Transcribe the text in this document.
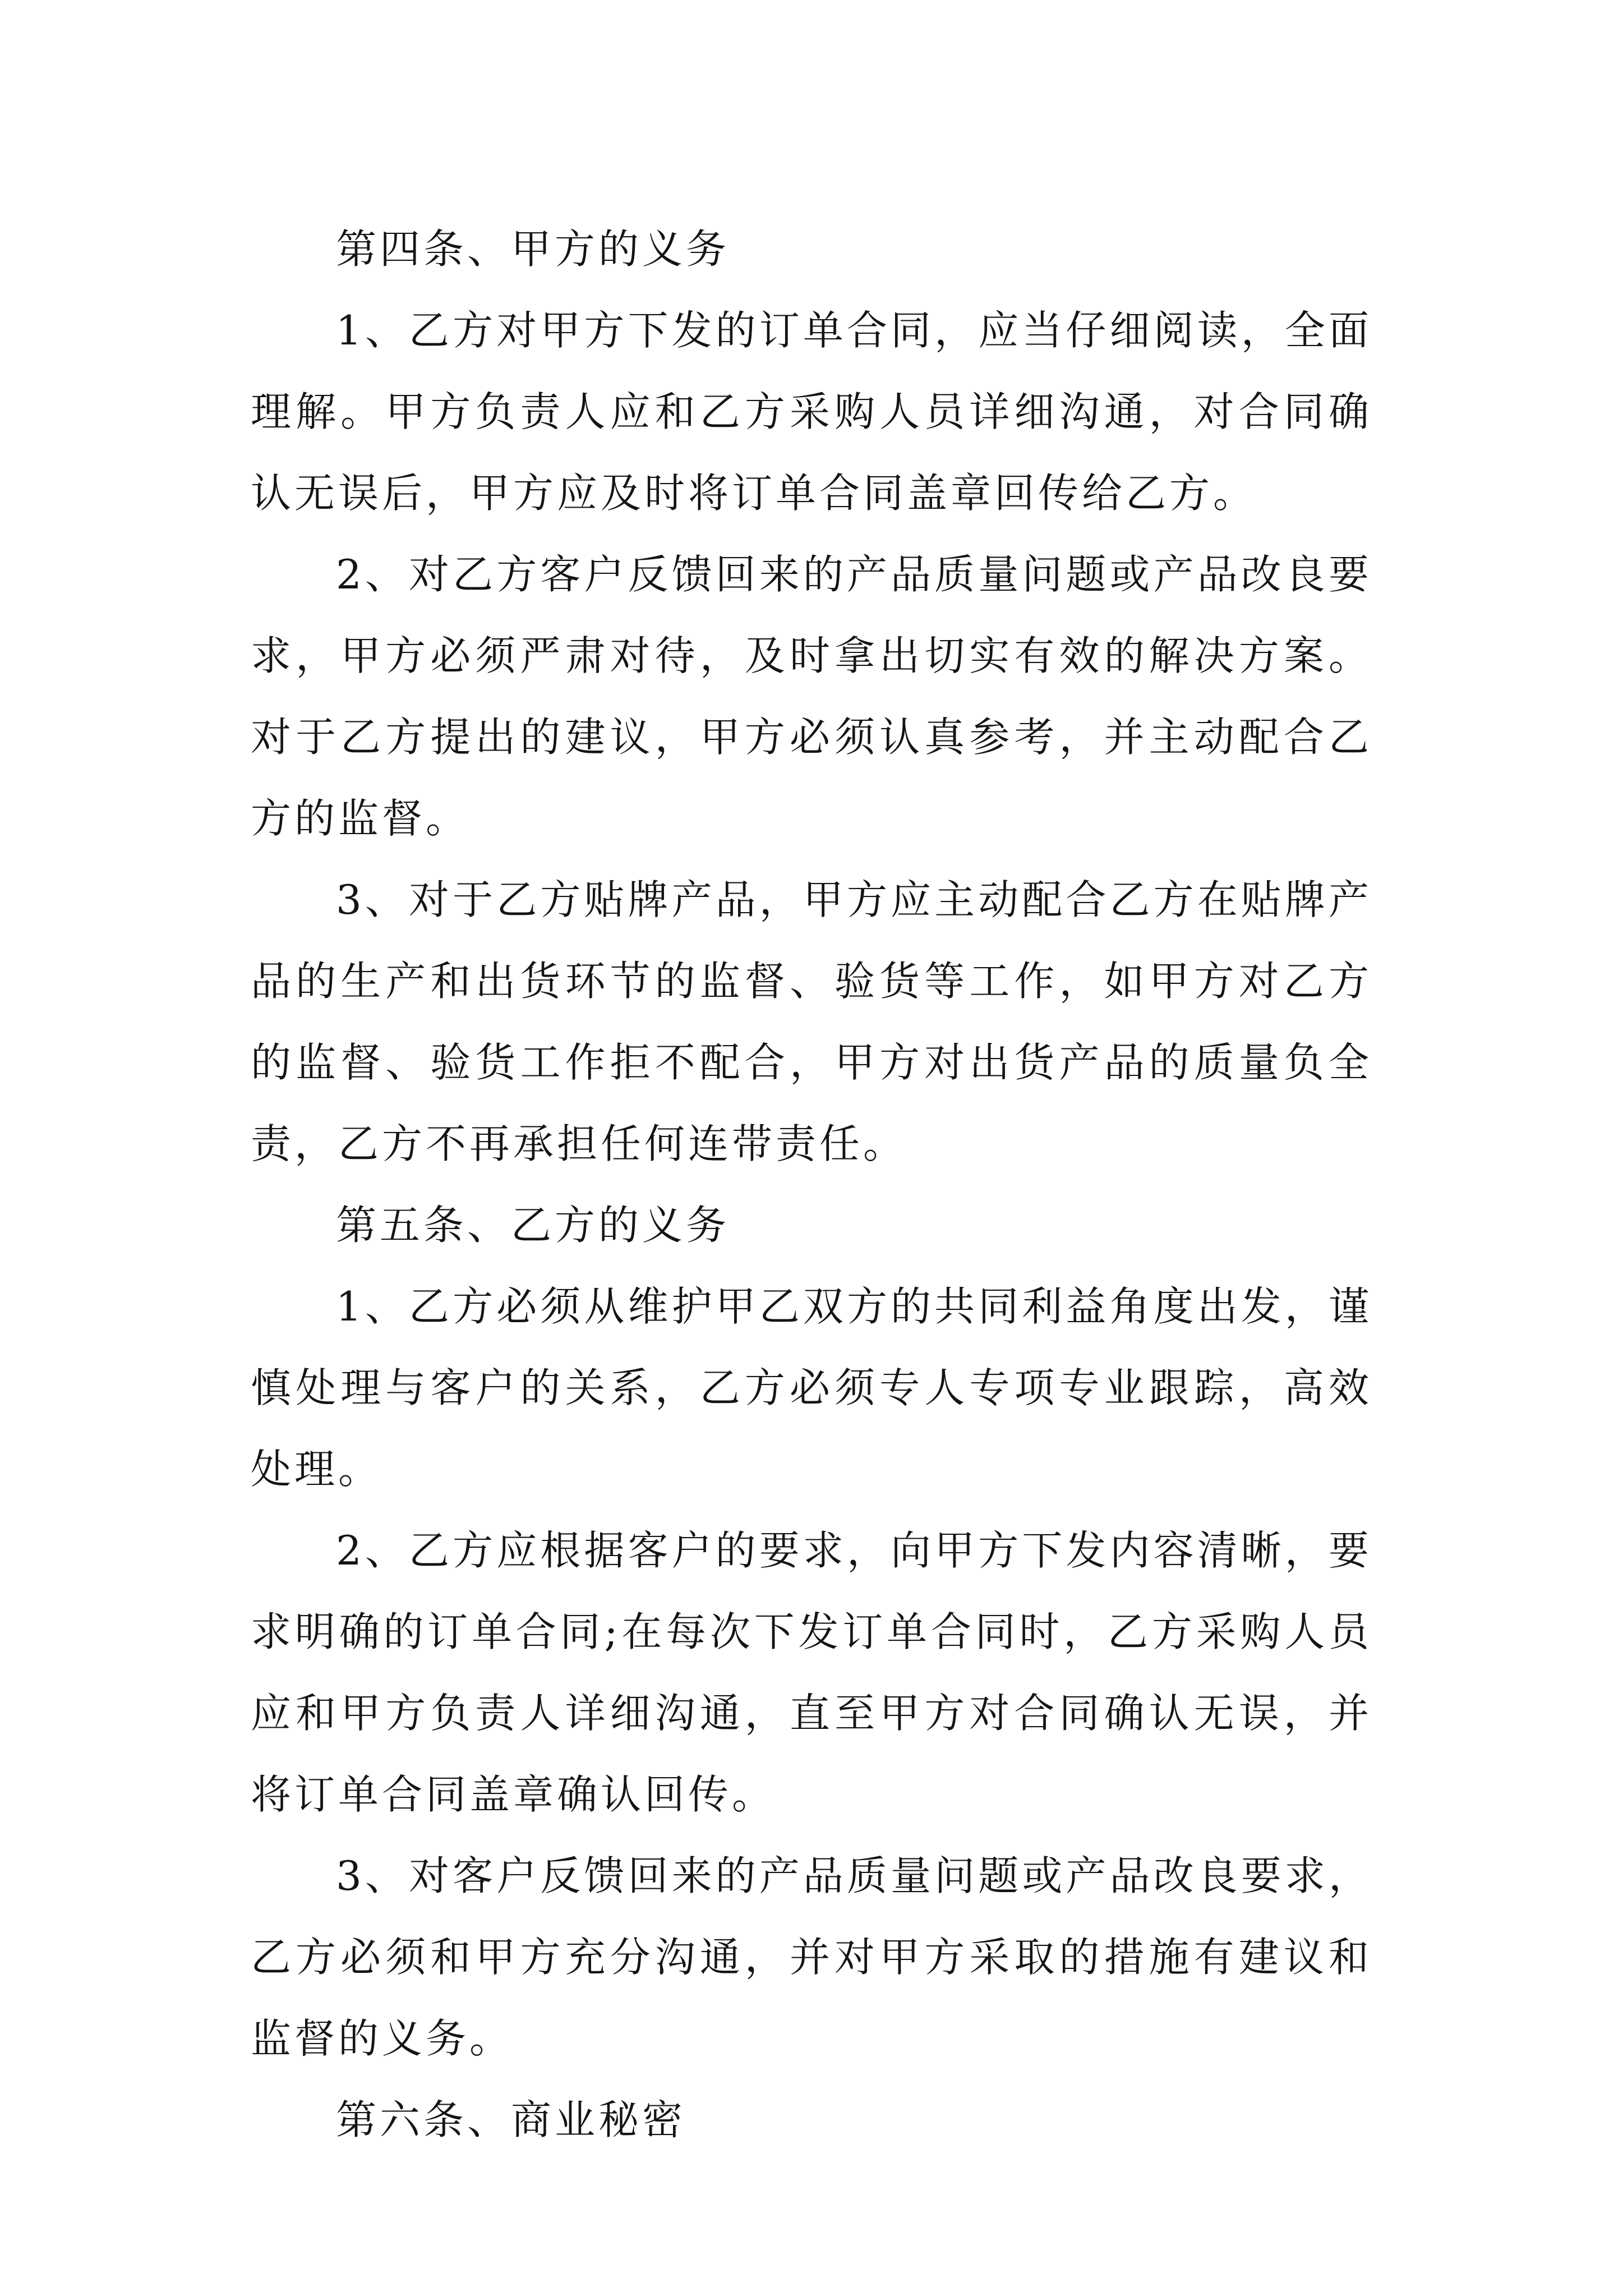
第四条、甲方的义务

1、乙方对甲方下发的订单合同，应当仔细阅读，全面理解。甲方负责人应和乙方采购人员详细沟通，对合同确认无误后，甲方应及时将订单合同盖章回传给乙方。

2、对乙方客户反馈回来的产品质量问题或产品改良要求，甲方必须严肃对待，及时拿出切实有效的解决方案。对于乙方提出的建议，甲方必须认真参考，并主动配合乙方的监督。

3、对于乙方贴牌产品，甲方应主动配合乙方在贴牌产品的生产和出货环节的监督、验货等工作，如甲方对乙方的监督、验货工作拒不配合，甲方对出货产品的质量负全责，乙方不再承担任何连带责任。

第五条、乙方的义务

1、乙方必须从维护甲乙双方的共同利益角度出发，谨慎处理与客户的关系，乙方必须专人专项专业跟踪，高效处理。

2、乙方应根据客户的要求，向甲方下发内容清晰，要求明确的订单合同;在每次下发订单合同时，乙方采购人员应和甲方负责人详细沟通，直至甲方对合同确认无误，并将订单合同盖章确认回传。

3、对客户反馈回来的产品质量问题或产品改良要求，乙方必须和甲方充分沟通，并对甲方采取的措施有建议和监督的义务。

第六条、商业秘密
